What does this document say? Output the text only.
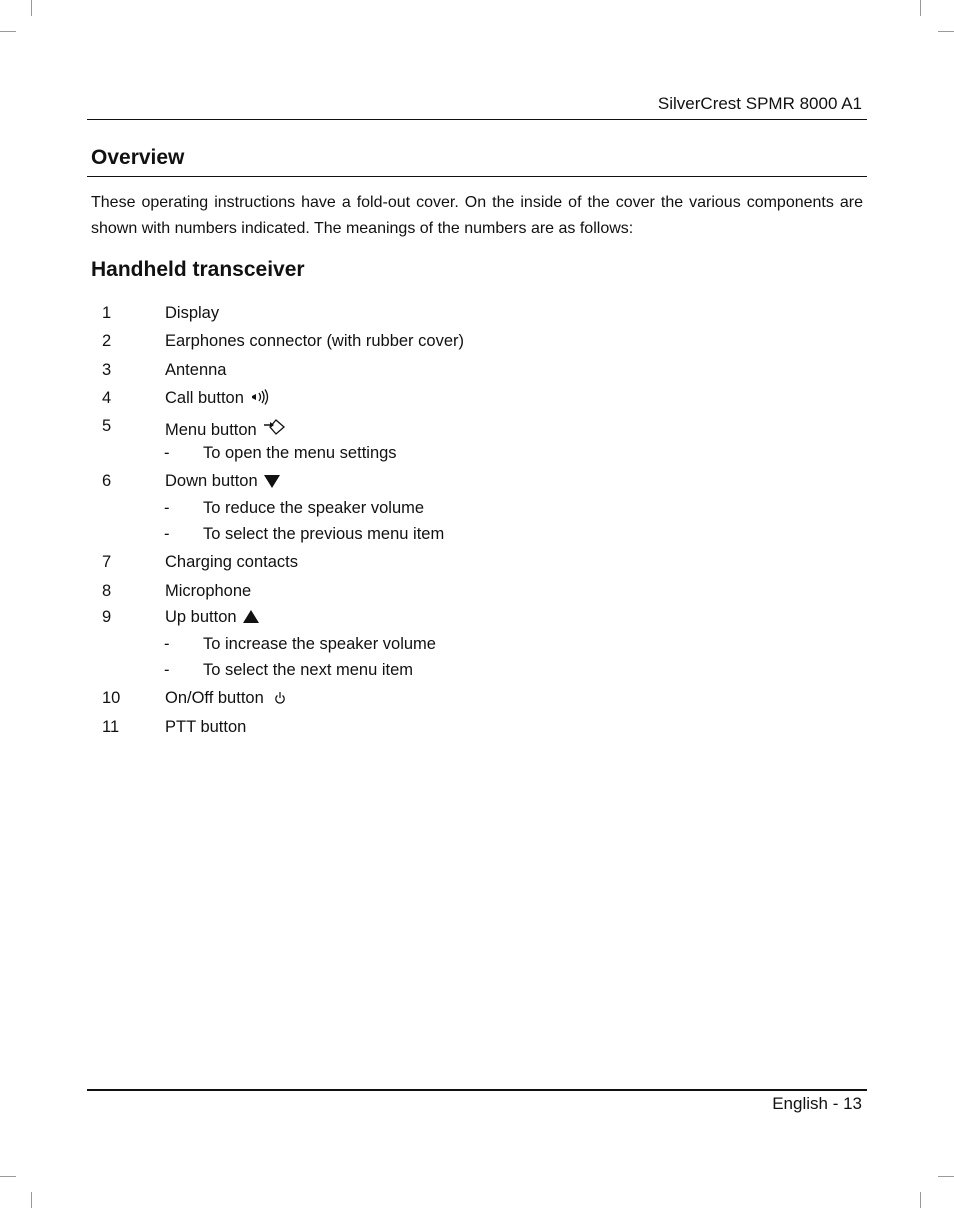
SilverCrest SPMR 8000 A1
Overview

These operating instructions have a fold-out cover. On the inside of the cover the various components are shown with numbers indicated. The meanings of the numbers are as follows:

Handheld transceiver
1	Display
2	Earphones connector (with rubber cover)
3	Antenna
4	Call button
5	Menu button
- To open the menu settings
6	Down button
- To reduce the speaker volume
- To select the previous menu item
7	Charging contacts
8	Microphone
9	Up button
- To increase the speaker volume
- To select the next menu item
10	On/Off button
11	PTT button
English - 13
